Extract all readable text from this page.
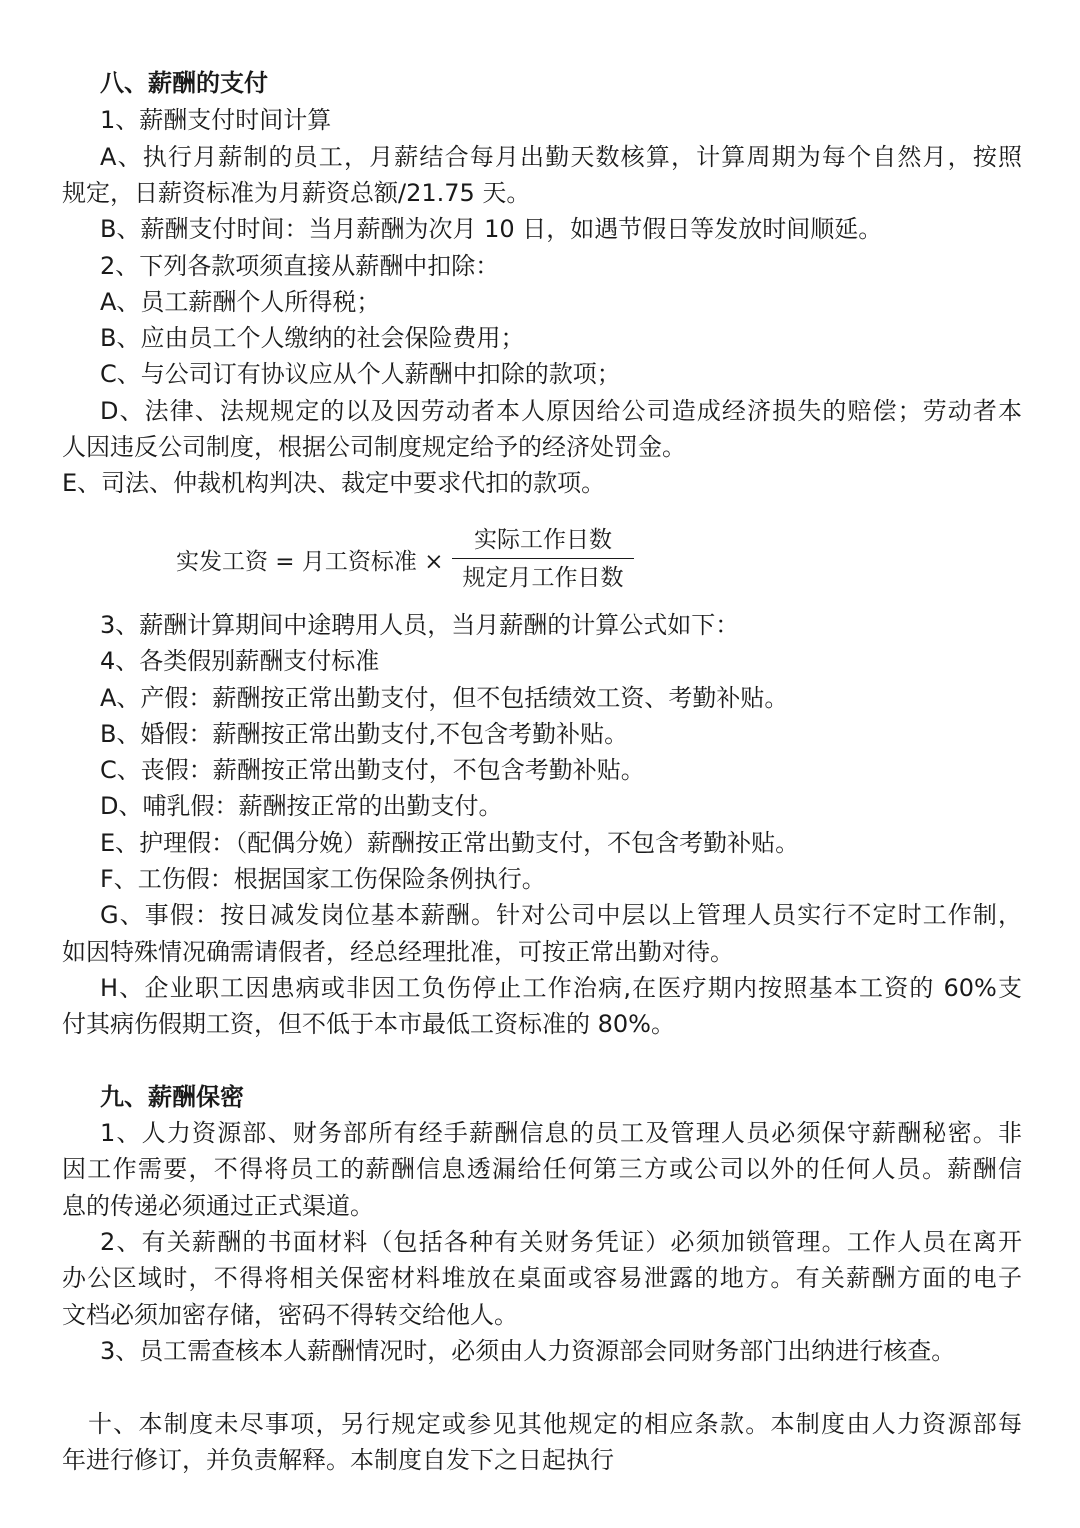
八、薪酬的支付
1、薪酬支付时间计算
A、执行月薪制的员工，月薪结合每月出勤天数核算，计算周期为每个自然月，按照
规定，日薪资标准为月薪资总额/21.75 天。
B、薪酬支付时间：当月薪酬为次月 10 日，如遇节假日等发放时间顺延。
2、下列各款项须直接从薪酬中扣除：
A、员工薪酬个人所得税；
B、应由员工个人缴纳的社会保险费用；
C、与公司订有协议应从个人薪酬中扣除的款项；
D、法律、法规规定的以及因劳动者本人原因给公司造成经济损失的赔偿；劳动者本
人因违反公司制度，根据公司制度规定给予的经济处罚金。
E、司法、仲裁机构判决、裁定中要求代扣的款项。
实发工资 = 月工资标准 ×
实际工作日数
规定月工作日数
3、薪酬计算期间中途聘用人员，当月薪酬的计算公式如下：
4、各类假别薪酬支付标准
A、产假：薪酬按正常出勤支付，但不包括绩效工资、考勤补贴。
B、婚假：薪酬按正常出勤支付,不包含考勤补贴。
C、丧假：薪酬按正常出勤支付，不包含考勤补贴。
D、哺乳假：薪酬按正常的出勤支付。
E、护理假：（配偶分娩）薪酬按正常出勤支付，不包含考勤补贴。
F、工伤假：根据国家工伤保险条例执行。
G、事假：按日减发岗位基本薪酬。针对公司中层以上管理人员实行不定时工作制，
如因特殊情况确需请假者，经总经理批准，可按正常出勤对待。
H、企业职工因患病或非因工负伤停止工作治病,在医疗期内按照基本工资的 60%支
付其病伤假期工资，但不低于本市最低工资标准的 80%。
九、薪酬保密
1、人力资源部、财务部所有经手薪酬信息的员工及管理人员必须保守薪酬秘密。非
因工作需要，不得将员工的薪酬信息透漏给任何第三方或公司以外的任何人员。薪酬信
息的传递必须通过正式渠道。
2、有关薪酬的书面材料（包括各种有关财务凭证）必须加锁管理。工作人员在离开
办公区域时，不得将相关保密材料堆放在桌面或容易泄露的地方。有关薪酬方面的电子
文档必须加密存储，密码不得转交给他人。
3、员工需查核本人薪酬情况时，必须由人力资源部会同财务部门出纳进行核查。
十、本制度未尽事项，另行规定或参见其他规定的相应条款。本制度由人力资源部每
年进行修订，并负责解释。本制度自发下之日起执行
